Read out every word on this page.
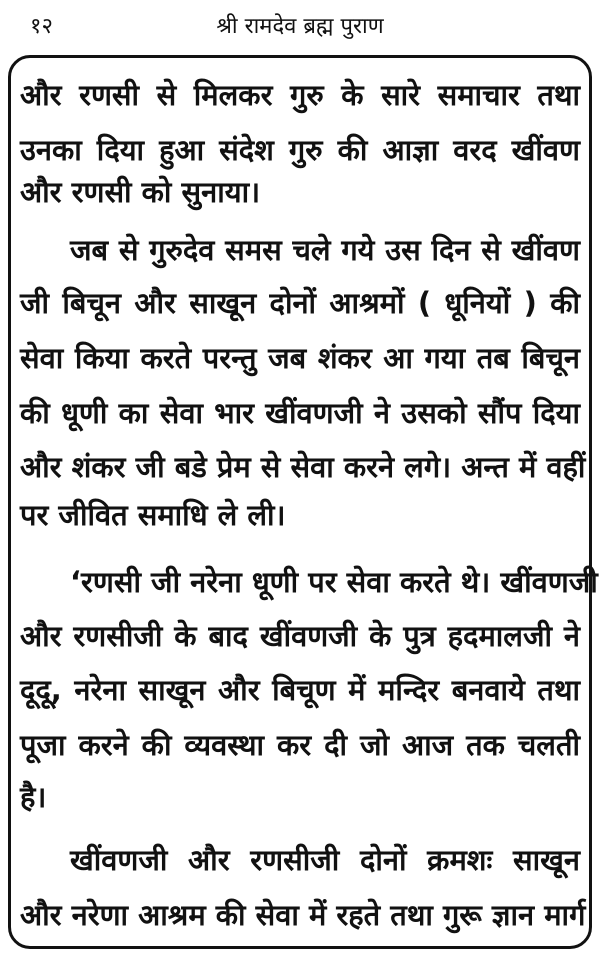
१२	श्री रामदेव ब्रह्म पुराण
और रणसी से मिलकर गुरु के सारे समाचार तथा
उनका दिया हुआ संदेश गुरु की आज्ञा वरद खींवण
और रणसी को सुनाया।
जब से गुरुदेव समस चले गये उस दिन से खींवण
जी बिचून और साखून दोनों आश्रमों ( धूनियों ) की
सेवा किया करते परन्तु जब शंकर आ गया तब बिचून
की धूणी का सेवा भार खींवणजी ने उसको सौंप दिया
और शंकर जी बडे प्रेम से सेवा करने लगे। अन्त में वहीं
पर जीवित समाधि ले ली।
‘रणसी जी नरेना धूणी पर सेवा करते थे। खींवणजी
और रणसीजी के बाद खींवणजी के पुत्र हदमालजी ने
दूदू, नरेना साखून और बिचूण में मन्दिर बनवाये तथा
पूजा करने की व्यवस्था कर दी जो आज तक चलती
है।
खींवणजी और रणसीजी दोनों क्रमशः साखून
और नरेणा आश्रम की सेवा में रहते तथा गुरू ज्ञान मार्ग
